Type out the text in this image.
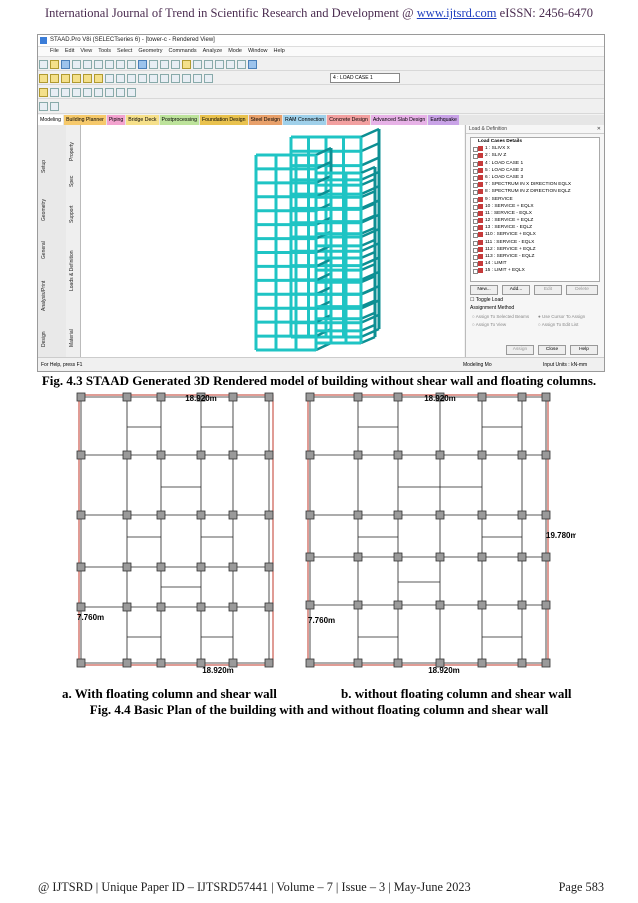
International Journal of Trend in Scientific Research and Development @ www.ijtsrd.com eISSN: 2456-6470
STAAD.Pro V8i (SELECTseries 6) - [tower-c - Rendered View]
File Edit View Tools Select Geometry Commands Analyze Mode Window Help
4 : LOAD CASE 1
Modeling Building Planner Piping Bridge Deck Postprocessing Foundation Design Steel Design RAM Connection Concrete Design Advanced Slab Design Earthquake
Setup
Geometry
General
Analysis/Print
Design
Property
Spec
Support
Loads & Definition
Material
Load & Definition	✕
Load Cases Details
1 : SLIVX X
2 : SLIV Z
4 : LOAD CASE 1
5 : LOAD CASE 2
6 : LOAD CASE 3
7 : SPECTRUM IN X DIRECTION EQLX
8 : SPECTRUM IN Z DIRECTION EQLZ
9 : SERVICE
10 : SERVICE + EQLX
11 : SERVICE - EQLX
12 : SERVICE + EQLZ
13 : SERVICE - EQLZ
110 : SERVICE + EQLX
111 : SERVICE - EQLX
112 : SERVICE + EQLZ
113 : SERVICE - EQLZ
14 : LIMIT
15 : LIMIT + EQLX
New...	Add...	Edit	Delete
☐ Toggle Load
Assignment Method
○ Assign To Selected Beams ● Use Cursor To Assign
○ Assign To View	○ Assign To Edit List
Assign	Close	Help
For Help, press F1	Modeling Mo	Input Units : kN-mm
Fig. 4.3 STAAD Generated 3D Rendered model of building without shear wall and floating columns.
18.920m
7.760m
18.920m
18.920m
7.760m
19.780m
18.920m
a. With floating column and shear wall	b. without floating column and shear wall
Fig. 4.4 Basic Plan of the building with and without floating column and shear wall
@ IJTSRD | Unique Paper ID – IJTSRD57441 | Volume – 7 | Issue – 3 | May-June 2023	Page 583
